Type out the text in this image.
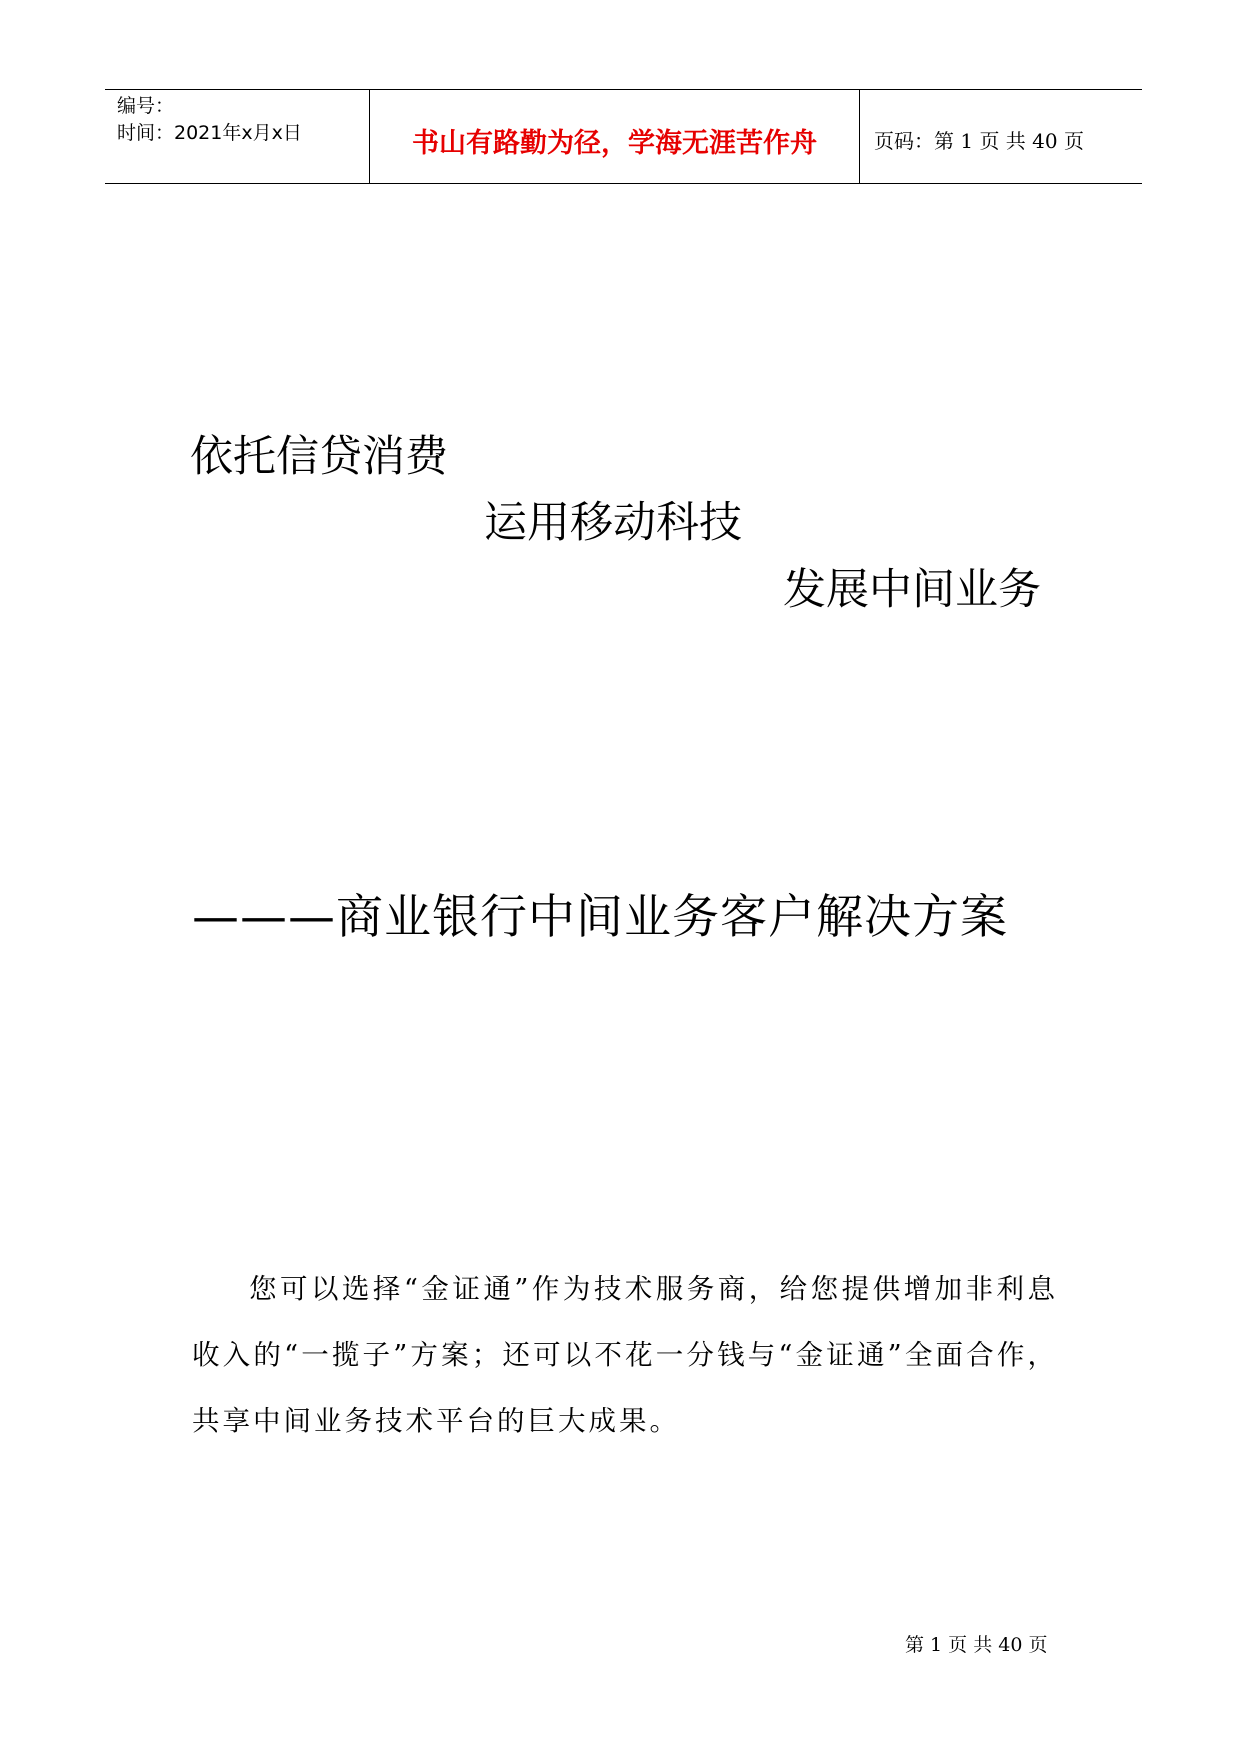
编号：
时间：2021年x月x日	书山有路勤为径，学海无涯苦作舟	页码：第 1 页 共 40 页
依托信贷消费
运用移动科技
发展中间业务
———商业银行中间业务客户解决方案
您可以选择“金证通”作为技术服务商，给您提供增加非利息收入的“一揽子”方案；还可以不花一分钱与“金证通”全面合作，共享中间业务技术平台的巨大成果。
第 1 页 共 40 页
